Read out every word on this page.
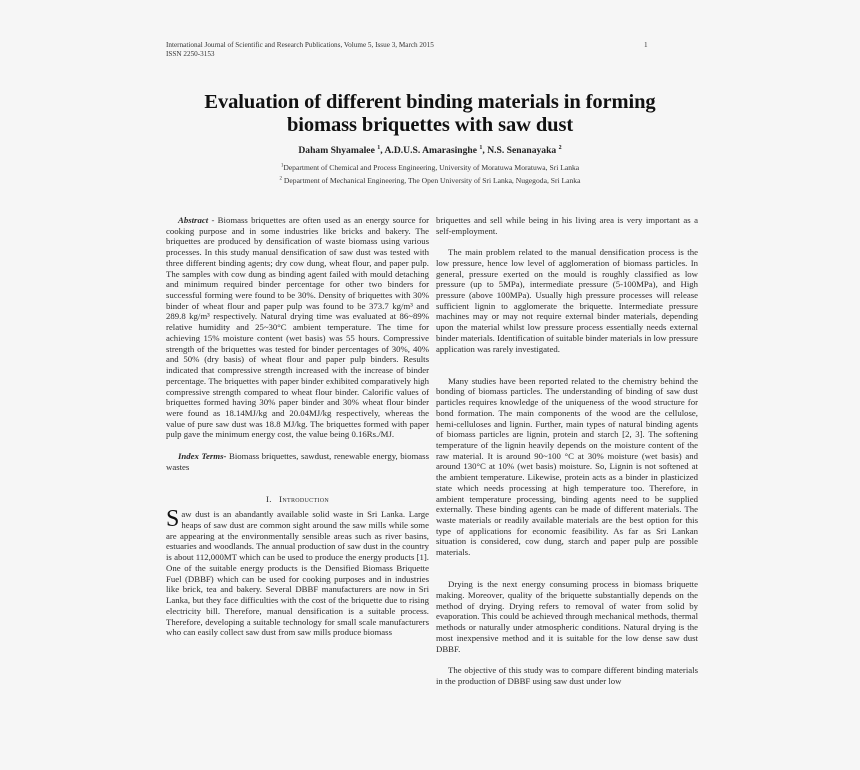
International Journal of Scientific and Research Publications, Volume 5, Issue 3, March 2015
ISSN 2250-3153
1
Evaluation of different binding materials in forming
biomass briquettes with saw dust
Daham Shyamalee $^1$, A.D.U.S. Amarasinghe $^1$, N.S. Senanayaka $^2$
$^1$Department of Chemical and Process Engineering, University of Moratuwa Moratuwa, Sri Lanka
$^2$ Department of Mechanical Engineering, The Open University of Sri Lanka, Nugegoda, Sri Lanka

Abstract - Biomass briquettes are often used as an energy source for cooking purpose and in some industries like bricks and bakery. The briquettes are produced by densification of waste biomass using various processes. In this study manual densification of saw dust was tested with three different binding agents; dry cow dung, wheat flour, and paper pulp. The samples with cow dung as binding agent failed with mould detaching and minimum required binder percentage for other two binders for successful forming were found to be 30%. Density of briquettes with 30% binder of wheat flour and paper pulp was found to be 373.7 kg/m³ and 289.8 kg/m³ respectively. Natural drying time was evaluated at 86~89% relative humidity and 25~30°C ambient temperature. The time for achieving 15% moisture content (wet basis) was 55 hours. Compressive strength of the briquettes was tested for binder percentages of 30%, 40% and 50% (dry basis) of wheat flour and paper pulp binders. Results indicated that compressive strength increased with the increase of binder percentage. The briquettes with paper binder exhibited comparatively high compressive strength compared to wheat flour binder. Calorific values of briquettes formed having 30% paper binder and 30% wheat flour binder were found as 18.14MJ/kg and 20.04MJ/kg respectively, whereas the value of pure saw dust was 18.8 MJ/kg. The briquettes formed with paper pulp gave the minimum energy cost, the value being 0.16Rs./MJ.

Index Terms- Biomass briquettes, sawdust, renewable energy, biomass wastes

I. Introduction

Saw dust is an abandantly available solid waste in Sri Lanka. Large heaps of saw dust are common sight around the saw mills while some are appearing at the environmentally sensible areas such as river basins, estuaries and woodlands. The annual production of saw dust in the country is about 112,000MT which can be used to produce the energy products [1]. One of the suitable energy products is the Densified Biomass Briquette Fuel (DBBF) which can be used for cooking purposes and in industries like brick, tea and bakery. Several DBBF manufacturers are now in Sri Lanka, but they face difficulties with the cost of the briquette due to rising electricity bill. Therefore, manual densification is a suitable process. Therefore, developing a suitable technology for small scale manufacturers who can easily collect saw dust from saw mills produce biomass

briquettes and sell while being in his living area is very important as a self-employment.

The main problem related to the manual densification process is the low pressure, hence low level of agglomeration of biomass particles. In general, pressure exerted on the mould is roughly classified as low pressure (up to 5MPa), intermediate pressure (5-100MPa), and High pressure (above 100MPa). Usually high pressure processes will release sufficient lignin to agglomerate the briquette. Intermediate pressure machines may or may not require external binder materials, depending upon the material whilst low pressure process essentially needs external binder materials. Identification of suitable binder materials in low pressure application was rarely investigated.

Many studies have been reported related to the chemistry behind the bonding of biomass particles. The understanding of binding of saw dust particles requires knowledge of the uniqueness of the wood structure for bond formation. The main components of the wood are the cellulose, hemi-celluloses and lignin. Further, main types of natural binding agents of biomass particles are lignin, protein and starch [2, 3]. The softening temperature of the lignin heavily depends on the moisture content of the raw material. It is around 90~100 °C at 30% moisture (wet basis) and around 130°C at 10% (wet basis) moisture. So, Lignin is not softened at the ambient temperature. Likewise, protein acts as a binder in plasticized state which needs processing at high temperature too. Therefore, in ambient temperature processing, binding agents need to be supplied externally. These binding agents can be made of different materials. The waste materials or readily available materials are the best option for this type of applications for economic feasibility. As far as Sri Lankan situation is considered, cow dung, starch and paper pulp are possible materials.

Drying is the next energy consuming process in biomass briquette making. Moreover, quality of the briquette substantially depends on the method of drying. Drying refers to removal of water from solid by evaporation. This could be achieved through mechanical methods, thermal methods or naturally under atmospheric conditions. Natural drying is the most inexpensive method and it is suitable for the low dense saw dust DBBF.

The objective of this study was to compare different binding materials in the production of DBBF using saw dust under low
